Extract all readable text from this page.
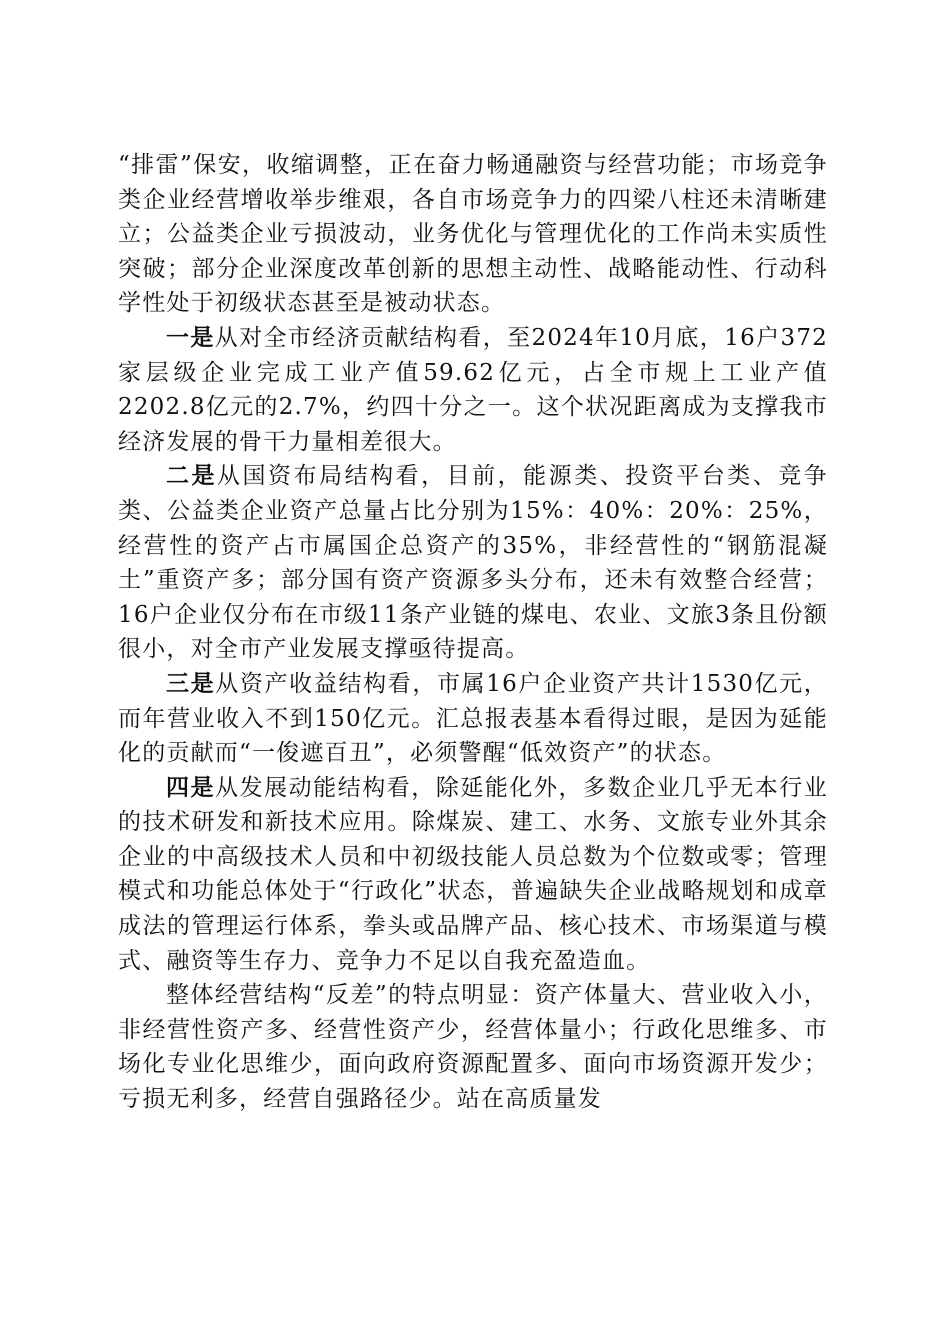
“排雷”保安，收缩调整，正在奋力畅通融资与经营功能；市场竞争类企业经营增收举步维艰，各自市场竞争力的四梁八柱还未清晰建立；公益类企业亏损波动，业务优化与管理优化的工作尚未实质性突破；部分企业深度改革创新的思想主动性、战略能动性、行动科学性处于初级状态甚至是被动状态。

一是从对全市经济贡献结构看，至2024年10月底，16户372家层级企业完成工业产值59.62亿元，占全市规上工业产值2202.8亿元的2.7%，约四十分之一。这个状况距离成为支撑我市经济发展的骨干力量相差很大。

二是从国资布局结构看，目前，能源类、投资平台类、竞争类、公益类企业资产总量占比分别为15%：40%：20%：25%，经营性的资产占市属国企总资产的35%，非经营性的“钢筋混凝土”重资产多；部分国有资产资源多头分布，还未有效整合经营；16户企业仅分布在市级11条产业链的煤电、农业、文旅3条且份额很小，对全市产业发展支撑亟待提高。

三是从资产收益结构看，市属16户企业资产共计1530亿元，而年营业收入不到150亿元。汇总报表基本看得过眼，是因为延能化的贡献而“一俊遮百丑”，必须警醒“低效资产”的状态。

四是从发展动能结构看，除延能化外，多数企业几乎无本行业的技术研发和新技术应用。除煤炭、建工、水务、文旅专业外其余企业的中高级技术人员和中初级技能人员总数为个位数或零；管理模式和功能总体处于“行政化”状态，普遍缺失企业战略规划和成章成法的管理运行体系，拳头或品牌产品、核心技术、市场渠道与模式、融资等生存力、竞争力不足以自我充盈造血。

整体经营结构“反差”的特点明显：资产体量大、营业收入小，非经营性资产多、经营性资产少，经营体量小；行政化思维多、市场化专业化思维少，面向政府资源配置多、面向市场资源开发少；亏损无利多，经营自强路径少。站在高质量发
